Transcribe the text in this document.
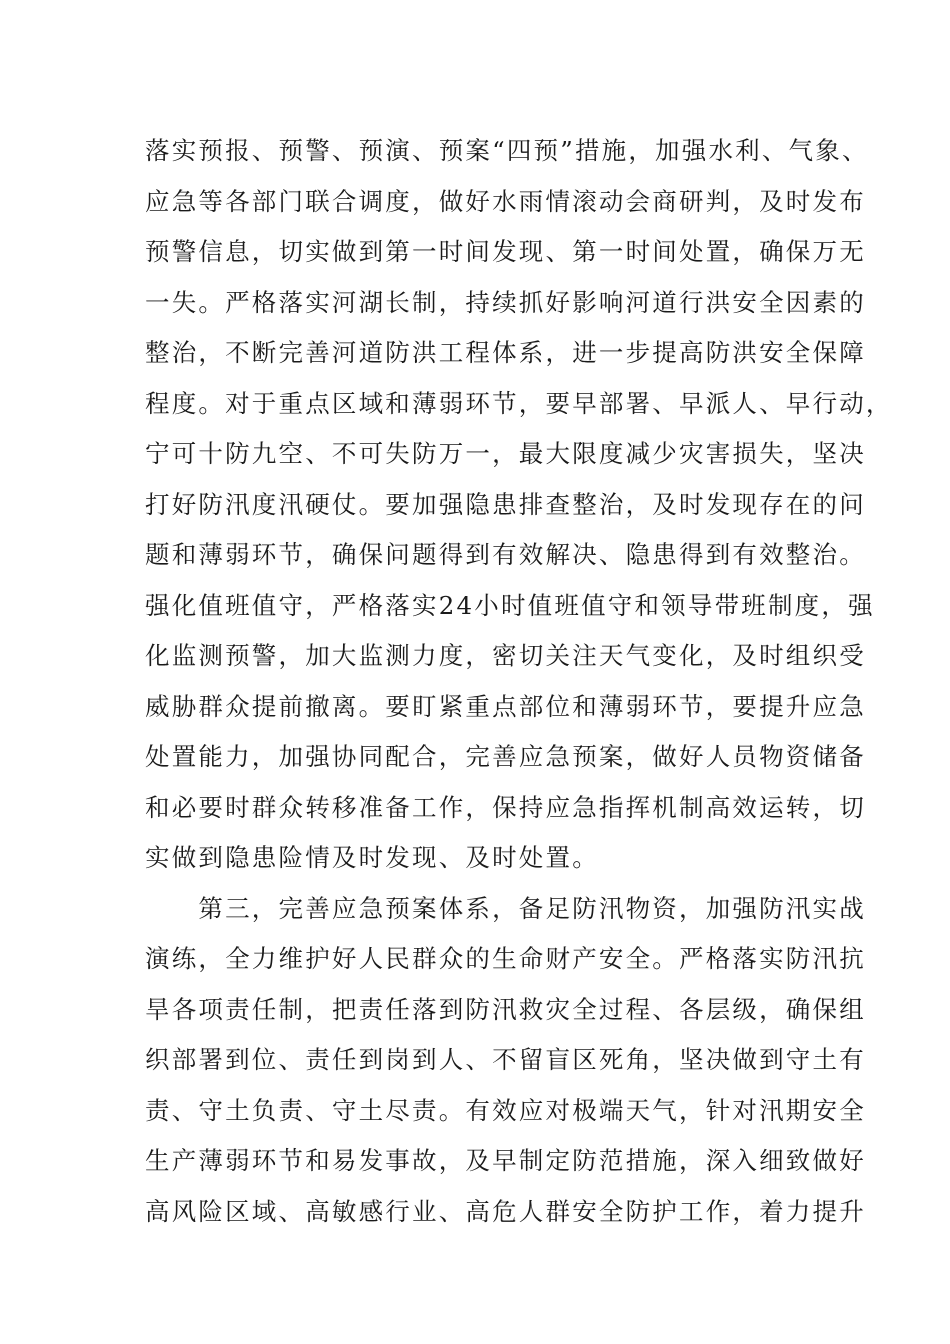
落实预报、预警、预演、预案“四预”措施，加强水利、气象、
应急等各部门联合调度，做好水雨情滚动会商研判，及时发布
预警信息，切实做到第一时间发现、第一时间处置，确保万无
一失。严格落实河湖长制，持续抓好影响河道行洪安全因素的
整治，不断完善河道防洪工程体系，进一步提高防洪安全保障
程度。对于重点区域和薄弱环节，要早部署、早派人、早行动，
宁可十防九空、不可失防万一，最大限度减少灾害损失，坚决
打好防汛度汛硬仗。要加强隐患排查整治，及时发现存在的问
题和薄弱环节，确保问题得到有效解决、隐患得到有效整治。
强化值班值守，严格落实24小时值班值守和领导带班制度，强
化监测预警，加大监测力度，密切关注天气变化，及时组织受
威胁群众提前撤离。要盯紧重点部位和薄弱环节，要提升应急
处置能力，加强协同配合，完善应急预案，做好人员物资储备
和必要时群众转移准备工作，保持应急指挥机制高效运转，切
实做到隐患险情及时发现、及时处置。
　　第三，完善应急预案体系，备足防汛物资，加强防汛实战
演练，全力维护好人民群众的生命财产安全。严格落实防汛抗
旱各项责任制，把责任落到防汛救灾全过程、各层级，确保组
织部署到位、责任到岗到人、不留盲区死角，坚决做到守土有
责、守土负责、守土尽责。有效应对极端天气，针对汛期安全
生产薄弱环节和易发事故，及早制定防范措施，深入细致做好
高风险区域、高敏感行业、高危人群安全防护工作，着力提升
